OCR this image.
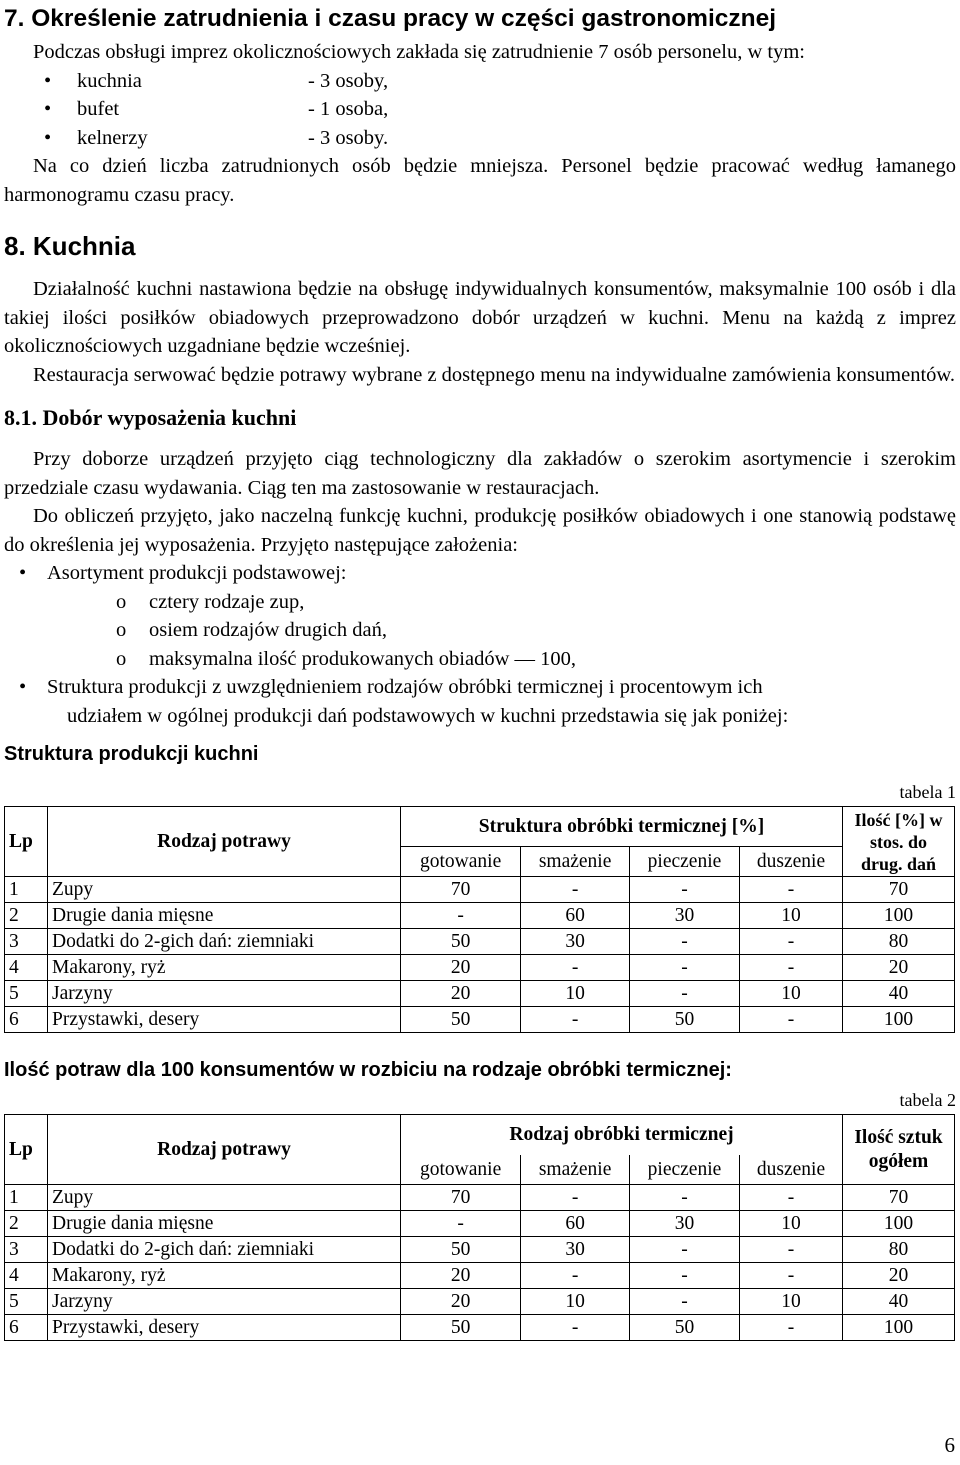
7. Określenie zatrudnienia i czasu pracy w części gastronomicznej

Podczas obsługi imprez okolicznościowych zakłada się zatrudnienie 7 osób personelu, w tym:

• kuchnia	- 3 osoby,
• bufet	- 1 osoba,
• kelnerzy	- 3 osoby.

Na co dzień liczba zatrudnionych osób będzie mniejsza. Personel będzie pracować według łamanego harmonogramu czasu pracy.

8. Kuchnia

Działalność kuchni nastawiona będzie na obsługę indywidualnych konsumentów, maksymalnie 100 osób i dla takiej ilości posiłków obiadowych przeprowadzono dobór urządzeń w kuchni. Menu na każdą z imprez okolicznościowych uzgadniane będzie wcześniej.

Restauracja serwować będzie potrawy wybrane z dostępnego menu na indywidualne zamówienia konsumentów.

8.1. Dobór wyposażenia kuchni

Przy doborze urządzeń przyjęto ciąg technologiczny dla zakładów o szerokim asortymencie i szerokim przedziale czasu wydawania. Ciąg ten ma zastosowanie w restauracjach.

Do obliczeń przyjęto, jako naczelną funkcję kuchni, produkcję posiłków obiadowych i one stanowią podstawę do określenia jej wyposażenia. Przyjęto następujące założenia:

• Asortyment produkcji podstawowej:
o cztery rodzaje zup,
o osiem rodzajów drugich dań,
o maksymalna ilość produkowanych obiadów — 100,
• Struktura produkcji z uwzględnieniem rodzajów obróbki termicznej i procentowym ich
udziałem w ogólnej produkcji dań podstawowych w kuchni przedstawia się jak poniżej:

Struktura produkcji kuchni

tabela 1

Lp	Rodzaj potrawy	Struktura obróbki termicznej [%]				Ilość [%] w stos. do drug. dań
		gotowanie	smażenie	pieczenie	duszenie	
1	Zupy	70	-	-	-	70
2	Drugie dania mięsne	-	60	30	10	100
3	Dodatki do 2-gich dań: ziemniaki	50	30	-	-	80
4	Makarony, ryż	20	-	-	-	20
5	Jarzyny	20	10	-	10	40
6	Przystawki, desery	50	-	50	-	100

Ilość potraw dla 100 konsumentów w rozbiciu na rodzaje obróbki termicznej:

tabela 2

Lp	Rodzaj potrawy	Rodzaj obróbki termicznej				Ilość sztuk ogółem
		gotowanie	smażenie	pieczenie	duszenie	
1	Zupy	70	-	-	-	70
2	Drugie dania mięsne	-	60	30	10	100
3	Dodatki do 2-gich dań: ziemniaki	50	30	-	-	80
4	Makarony, ryż	20	-	-	-	20
5	Jarzyny	20	10	-	10	40
6	Przystawki, desery	50	-	50	-	100
6
